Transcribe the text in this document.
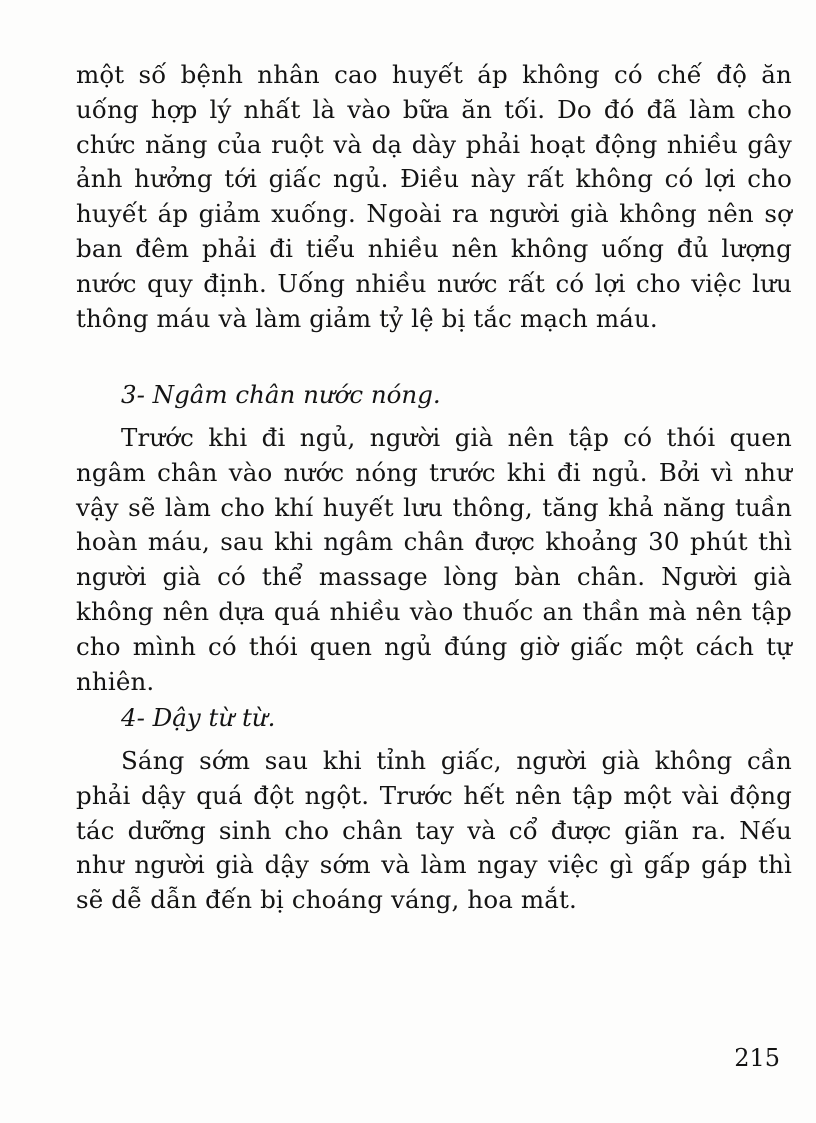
một số bệnh nhân cao huyết áp không có chế độ ăn uống hợp lý nhất là vào bữa ăn tối. Do đó đã làm cho chức năng của ruột và dạ dày phải hoạt động nhiều gây ảnh hưởng tới giấc ngủ. Điều này rất không có lợi cho huyết áp giảm xuống. Ngoài ra người già không nên sợ ban đêm phải đi tiểu nhiều nên không uống đủ lượng nước quy định. Uống nhiều nước rất có lợi cho việc lưu thông máu và làm giảm tỷ lệ bị tắc mạch máu.

3- Ngâm chân nước nóng.

Trước khi đi ngủ, người già nên tập có thói quen ngâm chân vào nước nóng trước khi đi ngủ. Bởi vì như vậy sẽ làm cho khí huyết lưu thông, tăng khả năng tuần hoàn máu, sau khi ngâm chân được khoảng 30 phút thì người già có thể massage lòng bàn chân. Người già không nên dựa quá nhiều vào thuốc an thần mà nên tập cho mình có thói quen ngủ đúng giờ giấc một cách tự nhiên.

4- Dậy từ từ.

Sáng sớm sau khi tỉnh giấc, người già không cần phải dậy quá đột ngột. Trước hết nên tập một vài động tác dưỡng sinh cho chân tay và cổ được giãn ra. Nếu như người già dậy sớm và làm ngay việc gì gấp gáp thì sẽ dễ dẫn đến bị choáng váng, hoa mắt.

215
